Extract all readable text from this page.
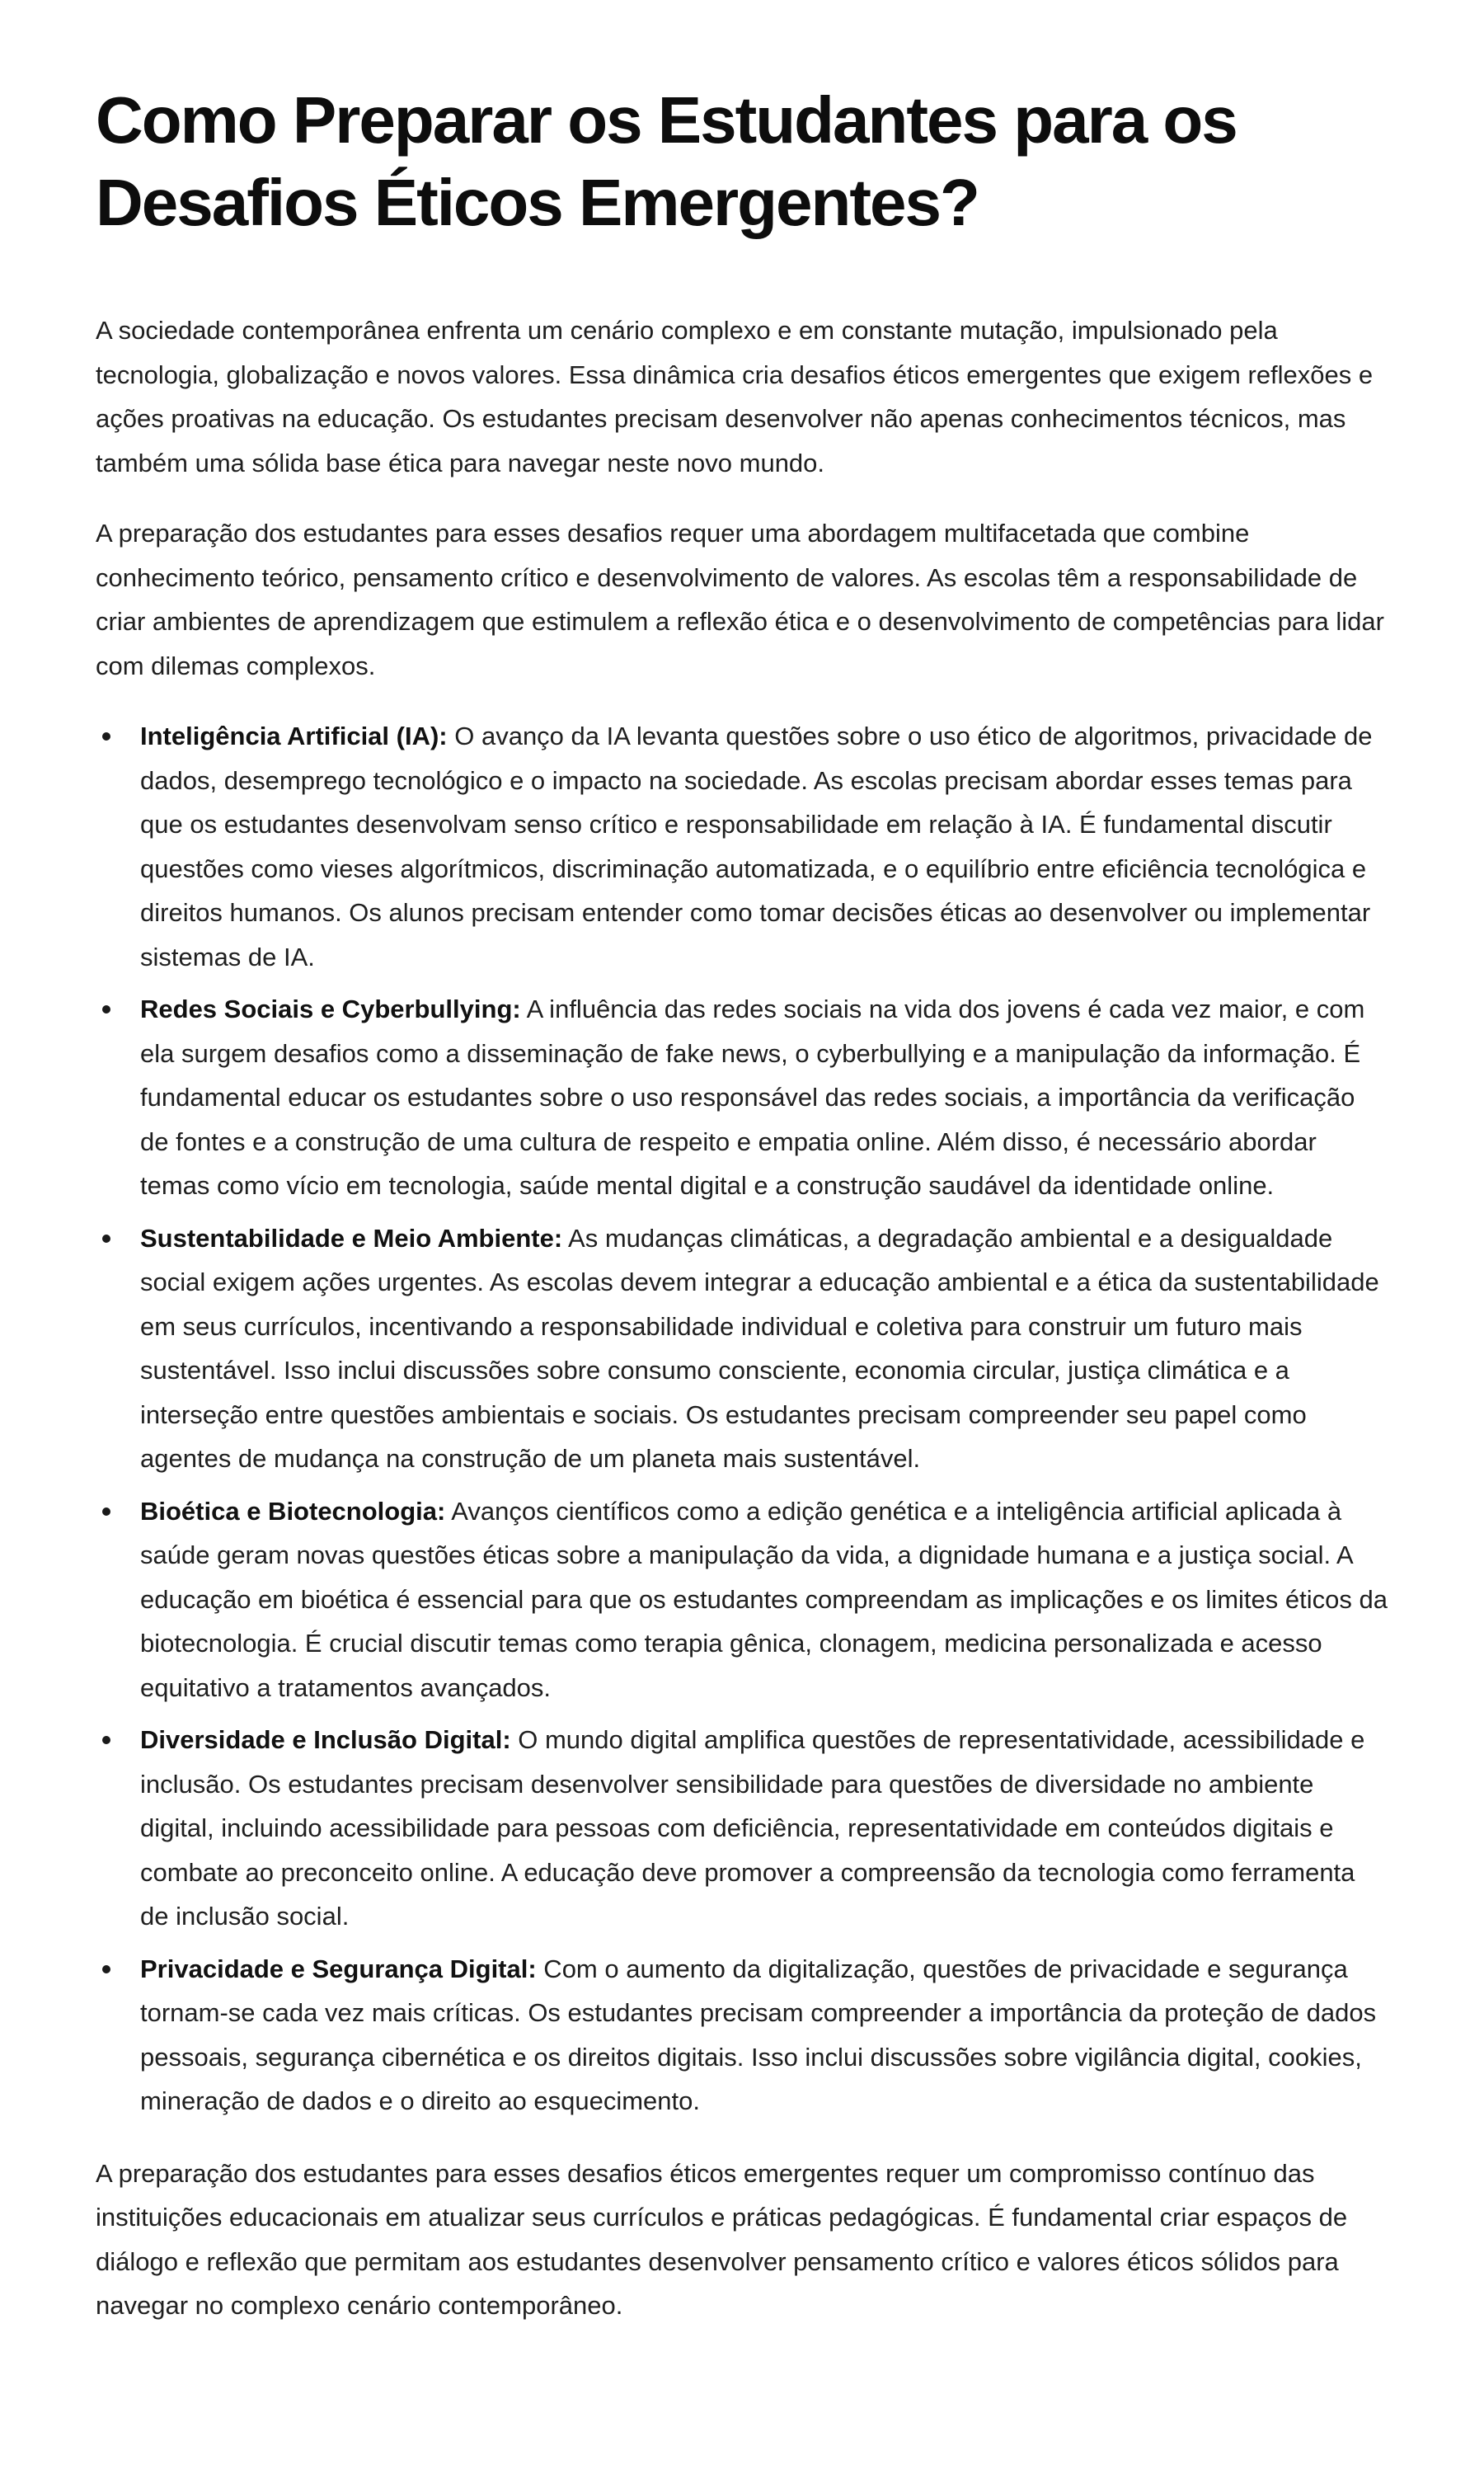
Como Preparar os Estudantes para os Desafios Éticos Emergentes?

A sociedade contemporânea enfrenta um cenário complexo e em constante mutação, impulsionado pela tecnologia, globalização e novos valores. Essa dinâmica cria desafios éticos emergentes que exigem reflexões e ações proativas na educação. Os estudantes precisam desenvolver não apenas conhecimentos técnicos, mas também uma sólida base ética para navegar neste novo mundo.

A preparação dos estudantes para esses desafios requer uma abordagem multifacetada que combine conhecimento teórico, pensamento crítico e desenvolvimento de valores. As escolas têm a responsabilidade de criar ambientes de aprendizagem que estimulem a reflexão ética e o desenvolvimento de competências para lidar com dilemas complexos.

Inteligência Artificial (IA): O avanço da IA levanta questões sobre o uso ético de algoritmos, privacidade de dados, desemprego tecnológico e o impacto na sociedade. As escolas precisam abordar esses temas para que os estudantes desenvolvam senso crítico e responsabilidade em relação à IA. É fundamental discutir questões como vieses algorítmicos, discriminação automatizada, e o equilíbrio entre eficiência tecnológica e direitos humanos. Os alunos precisam entender como tomar decisões éticas ao desenvolver ou implementar sistemas de IA.
Redes Sociais e Cyberbullying: A influência das redes sociais na vida dos jovens é cada vez maior, e com ela surgem desafios como a disseminação de fake news, o cyberbullying e a manipulação da informação. É fundamental educar os estudantes sobre o uso responsável das redes sociais, a importância da verificação de fontes e a construção de uma cultura de respeito e empatia online. Além disso, é necessário abordar temas como vício em tecnologia, saúde mental digital e a construção saudável da identidade online.
Sustentabilidade e Meio Ambiente: As mudanças climáticas, a degradação ambiental e a desigualdade social exigem ações urgentes. As escolas devem integrar a educação ambiental e a ética da sustentabilidade em seus currículos, incentivando a responsabilidade individual e coletiva para construir um futuro mais sustentável. Isso inclui discussões sobre consumo consciente, economia circular, justiça climática e a interseção entre questões ambientais e sociais. Os estudantes precisam compreender seu papel como agentes de mudança na construção de um planeta mais sustentável.
Bioética e Biotecnologia: Avanços científicos como a edição genética e a inteligência artificial aplicada à saúde geram novas questões éticas sobre a manipulação da vida, a dignidade humana e a justiça social. A educação em bioética é essencial para que os estudantes compreendam as implicações e os limites éticos da biotecnologia. É crucial discutir temas como terapia gênica, clonagem, medicina personalizada e acesso equitativo a tratamentos avançados.
Diversidade e Inclusão Digital: O mundo digital amplifica questões de representatividade, acessibilidade e inclusão. Os estudantes precisam desenvolver sensibilidade para questões de diversidade no ambiente digital, incluindo acessibilidade para pessoas com deficiência, representatividade em conteúdos digitais e combate ao preconceito online. A educação deve promover a compreensão da tecnologia como ferramenta de inclusão social.
Privacidade e Segurança Digital: Com o aumento da digitalização, questões de privacidade e segurança tornam-se cada vez mais críticas. Os estudantes precisam compreender a importância da proteção de dados pessoais, segurança cibernética e os direitos digitais. Isso inclui discussões sobre vigilância digital, cookies, mineração de dados e o direito ao esquecimento.

A preparação dos estudantes para esses desafios éticos emergentes requer um compromisso contínuo das instituições educacionais em atualizar seus currículos e práticas pedagógicas. É fundamental criar espaços de diálogo e reflexão que permitam aos estudantes desenvolver pensamento crítico e valores éticos sólidos para navegar no complexo cenário contemporâneo.
